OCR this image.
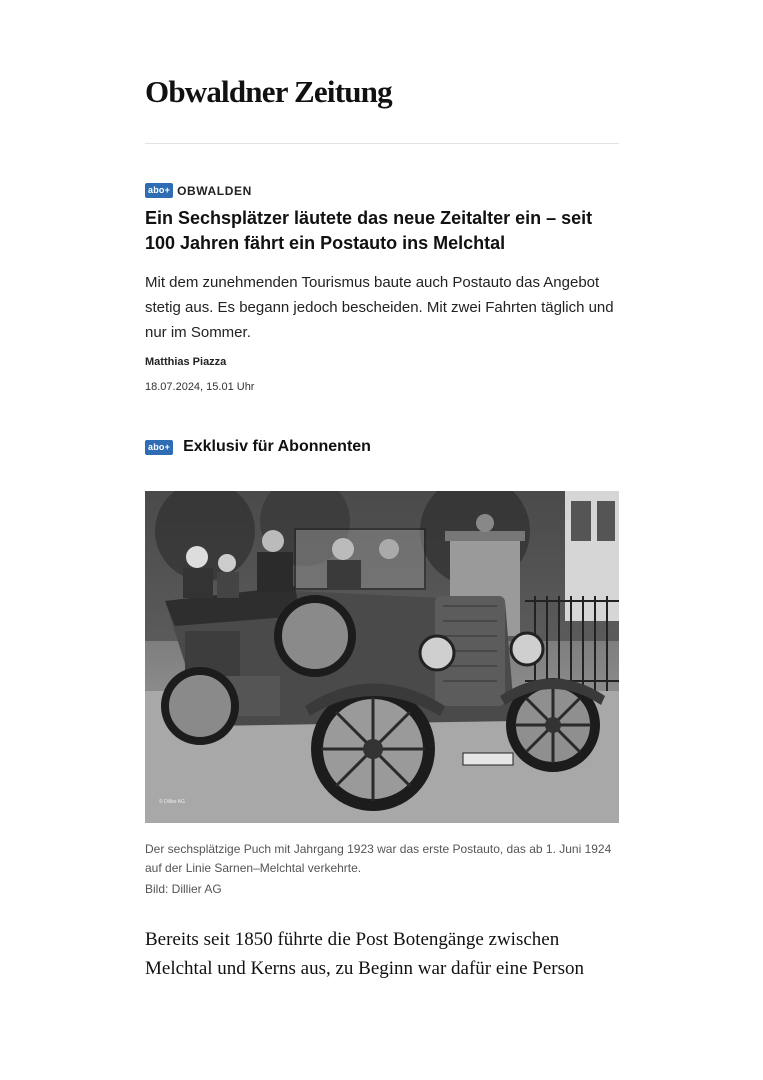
Obwaldner Zeitung
abo+ OBWALDEN
Ein Sechsplätzer läutete das neue Zeitalter ein – seit 100 Jahren fährt ein Postauto ins Melchtal

Mit dem zunehmenden Tourismus baute auch Postauto das Angebot stetig aus. Es begann jedoch bescheiden. Mit zwei Fahrten täglich und nur im Sommer.

Matthias Piazza
18.07.2024, 15.01 Uhr
abo+ Exklusiv für Abonnenten
© Dillier AG

Der sechsplätzige Puch mit Jahrgang 1923 war das erste Postauto, das ab 1. Juni 1924 auf der Linie Sarnen–Melchtal verkehrte.

Bild: Dillier AG

Bereits seit 1850 führte die Post Botengänge zwischen Melchtal und Kerns aus, zu Beginn war dafür eine Person
